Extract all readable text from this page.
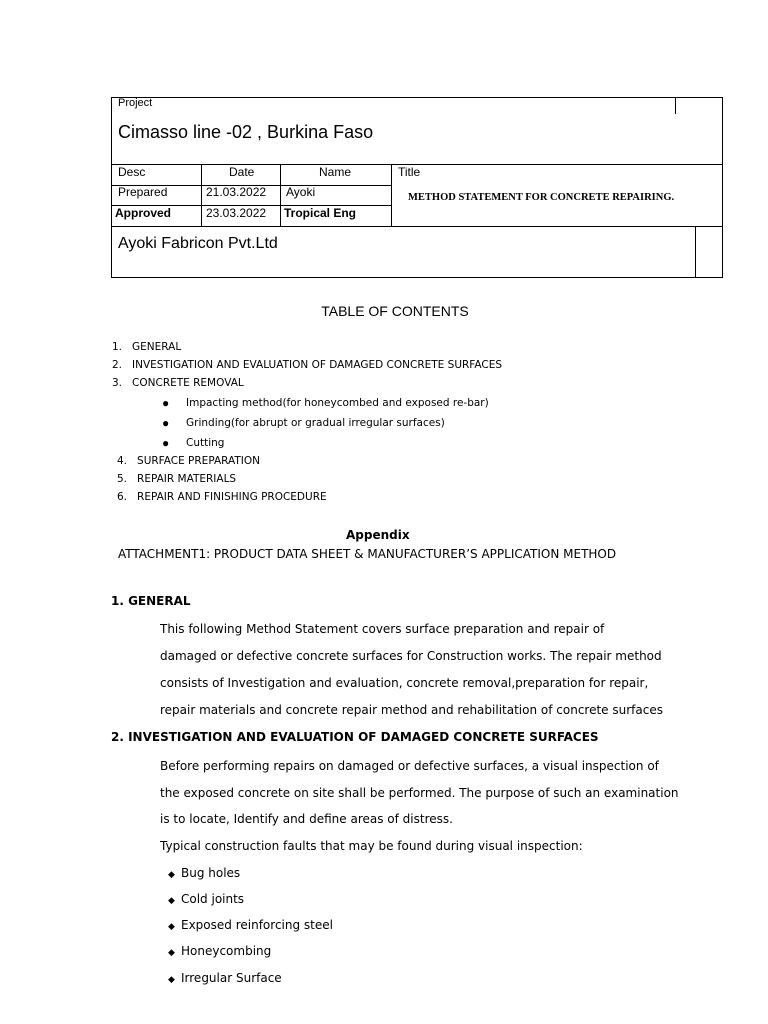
Project
Cimasso line -02 , Burkina Faso
Desc	Date	Name	Title
Prepared	21.03.2022 Ayoki
Approved	23.03.2022 Tropical Eng
METHOD STATEMENT FOR CONCRETE REPAIRING.
Ayoki Fabricon Pvt.Ltd
TABLE OF CONTENTS
1. GENERAL
2. INVESTIGATION AND EVALUATION OF DAMAGED CONCRETE SURFACES
3. CONCRETE REMOVAL
● Impacting method(for honeycombed and exposed re-bar)
● Grinding(for abrupt or gradual irregular surfaces)
● Cutting
4. SURFACE PREPARATION
5. REPAIR MATERIALS
6. REPAIR AND FINISHING PROCEDURE
Appendix
ATTACHMENT1: PRODUCT DATA SHEET & MANUFACTURER’S APPLICATION METHOD
1. GENERAL
This following Method Statement covers surface preparation and repair of
damaged or defective concrete surfaces for Construction works. The repair method
consists of Investigation and evaluation, concrete removal,preparation for repair,
repair materials and concrete repair method and rehabilitation of concrete surfaces
2. INVESTIGATION AND EVALUATION OF DAMAGED CONCRETE SURFACES
Before performing repairs on damaged or defective surfaces, a visual inspection of
the exposed concrete on site shall be performed. The purpose of such an examination
is to locate, Identify and define areas of distress.
Typical construction faults that may be found during visual inspection:
◆ Bug holes
◆ Cold joints
◆ Exposed reinforcing steel
◆ Honeycombing
◆ Irregular Surface
